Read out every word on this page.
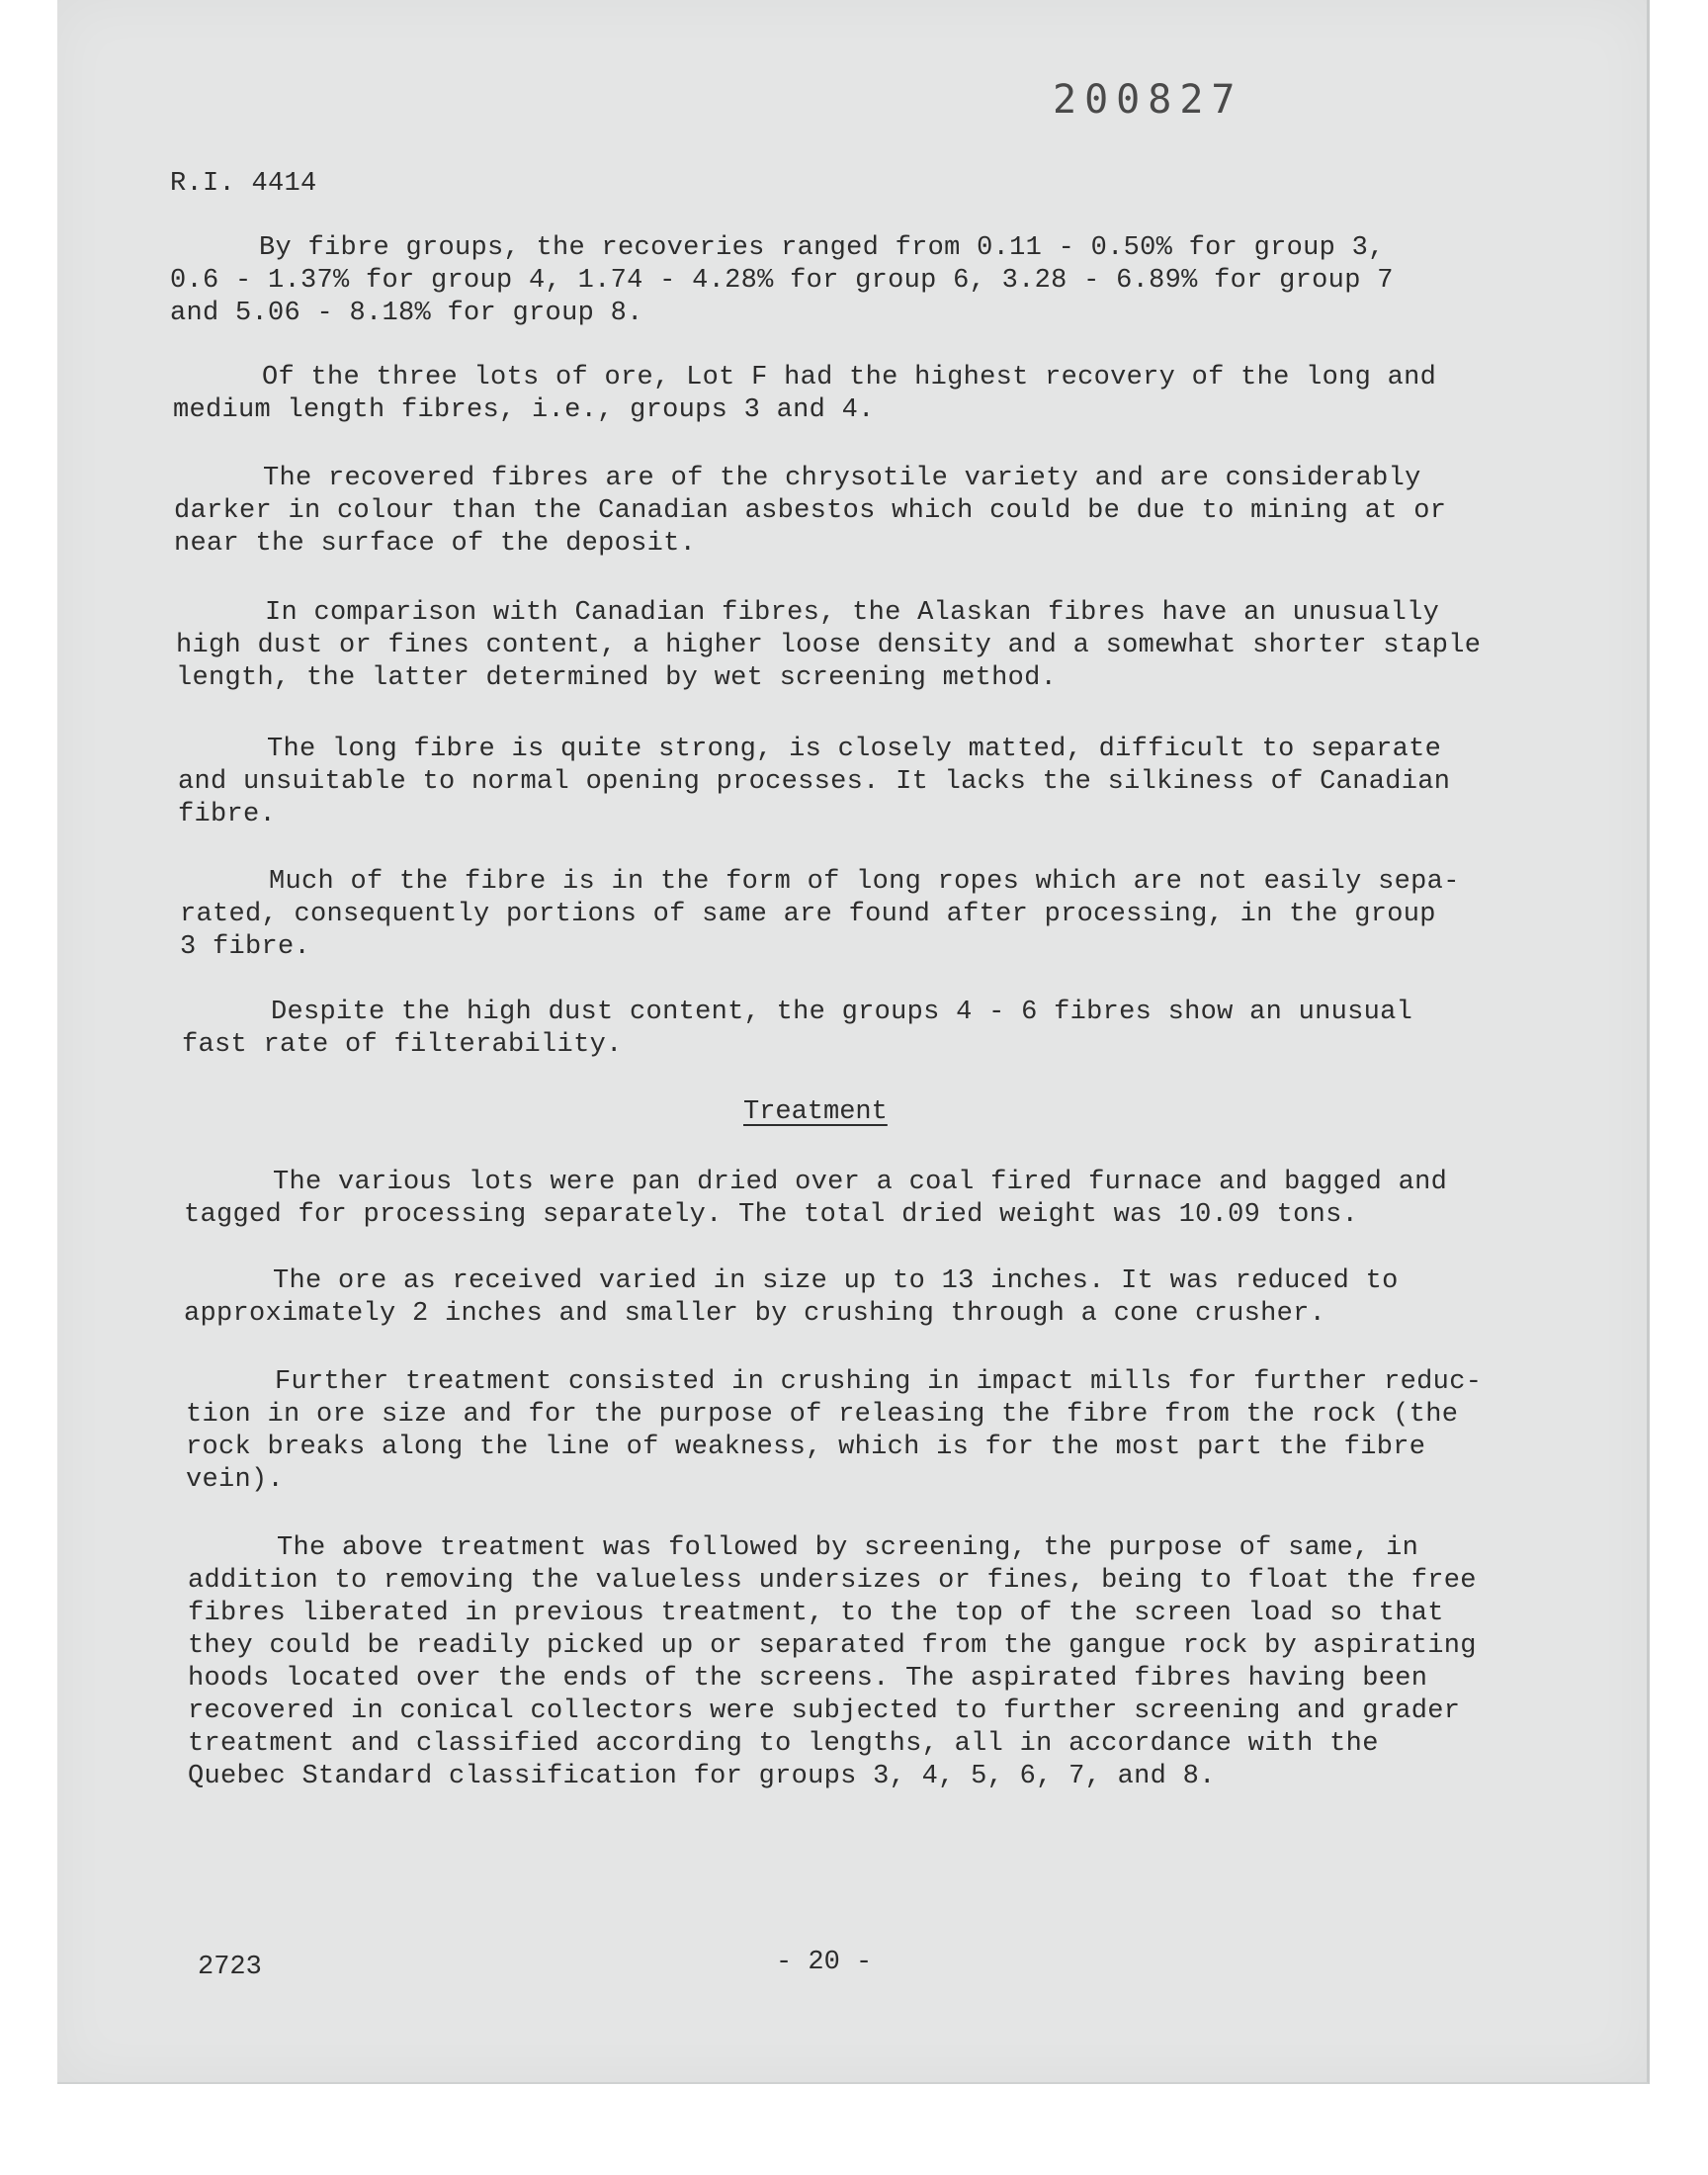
200827
R.I. 4414
By fibre groups, the recoveries ranged from 0.11 - 0.50% for group 3,
0.6 - 1.37% for group 4, 1.74 - 4.28% for group 6, 3.28 - 6.89% for group 7
and 5.06 - 8.18% for group 8.
Of the three lots of ore, Lot F had the highest recovery of the long and
medium length fibres, i.e., groups 3 and 4.
The recovered fibres are of the chrysotile variety and are considerably
darker in colour than the Canadian asbestos which could be due to mining at or
near the surface of the deposit.
In comparison with Canadian fibres, the Alaskan fibres have an unusually
high dust or fines content, a higher loose density and a somewhat shorter staple
length, the latter determined by wet screening method.
The long fibre is quite strong, is closely matted, difficult to separate
and unsuitable to normal opening processes. It lacks the silkiness of Canadian
fibre.
Much of the fibre is in the form of long ropes which are not easily sepa-
rated, consequently portions of same are found after processing, in the group
3 fibre.
Despite the high dust content, the groups 4 - 6 fibres show an unusual
fast rate of filterability.
Treatment
The various lots were pan dried over a coal fired furnace and bagged and
tagged for processing separately. The total dried weight was 10.09 tons.
The ore as received varied in size up to 13 inches. It was reduced to
approximately 2 inches and smaller by crushing through a cone crusher.
Further treatment consisted in crushing in impact mills for further reduc-
tion in ore size and for the purpose of releasing the fibre from the rock (the
rock breaks along the line of weakness, which is for the most part the fibre
vein).
The above treatment was followed by screening, the purpose of same, in
addition to removing the valueless undersizes or fines, being to float the free
fibres liberated in previous treatment, to the top of the screen load so that
they could be readily picked up or separated from the gangue rock by aspirating
hoods located over the ends of the screens. The aspirated fibres having been
recovered in conical collectors were subjected to further screening and grader
treatment and classified according to lengths, all in accordance with the
Quebec Standard classification for groups 3, 4, 5, 6, 7, and 8.
2723	- 20 -
